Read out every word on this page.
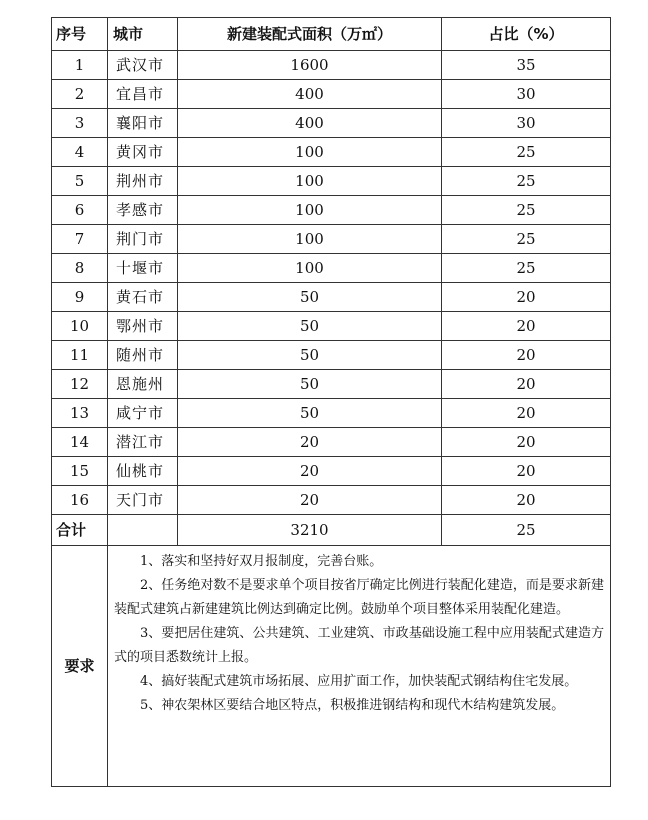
序号	城市	新建装配式面积（万㎡）	占比（%）
1	武汉市	1600	35
2	宜昌市	400	30
3	襄阳市	400	30
4	黄冈市	100	25
5	荆州市	100	25
6	孝感市	100	25
7	荆门市	100	25
8	十堰市	100	25
9	黄石市	50	20
10	鄂州市	50	20
11	随州市	50	20
12	恩施州	50	20
13	咸宁市	50	20
14	潜江市	20	20
15	仙桃市	20	20
16	天门市	20	20
合计		3210	25
要求	1、落实和坚持好双月报制度，完善台账。

2、任务绝对数不是要求单个项目按省厅确定比例进行装配化建造，而是要求新建装配式建筑占新建建筑比例达到确定比例。鼓励单个项目整体采用装配化建造。

3、要把居住建筑、公共建筑、工业建筑、市政基础设施工程中应用装配式建造方式的项目悉数统计上报。

4、搞好装配式建筑市场拓展、应用扩面工作，加快装配式钢结构住宅发展。

5、神农架林区要结合地区特点，积极推进钢结构和现代木结构建筑发展。		
